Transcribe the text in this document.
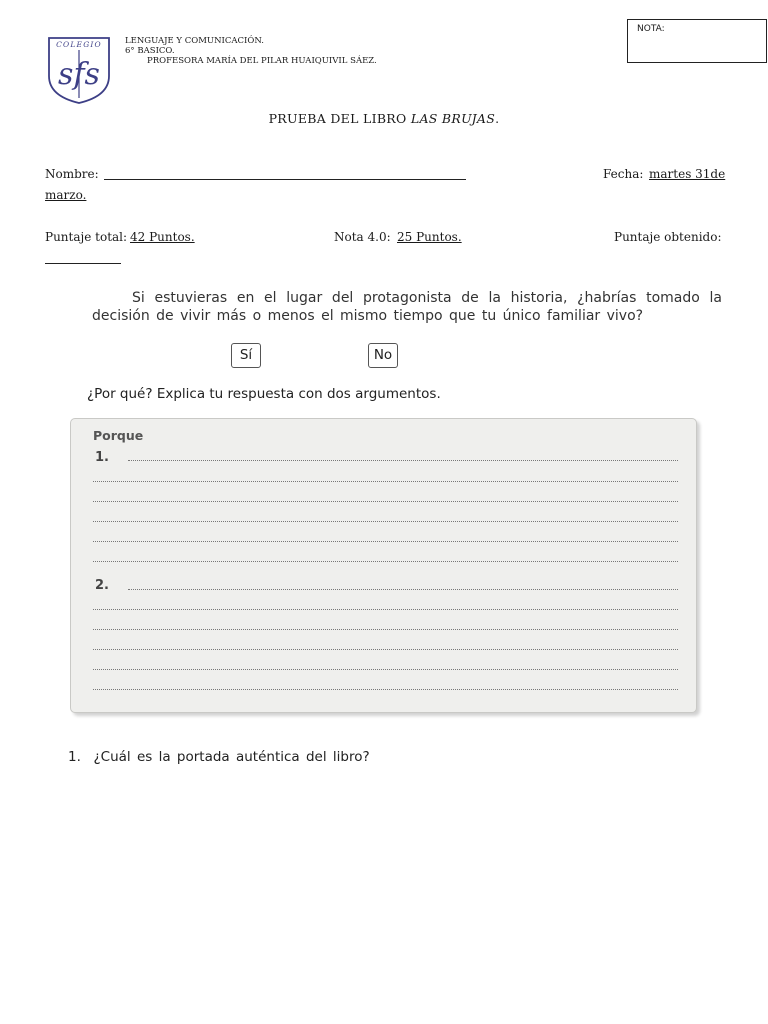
COLEGIO
sfs
LENGUAJE Y COMUNICACIÓN.
6° BASICO.
PROFESORA MARÍA DEL PILAR HUAIQUIVIL SÁEZ.
NOTA:
PRUEBA DEL LIBRO LAS BRUJAS.
Nombre:	Fecha: martes 31de
marzo.
Puntaje total: 42 Puntos.	Nota 4.0: 25 Puntos.	Puntaje obtenido:
Si estuvieras en el lugar del protagonista de la historia, ¿habrías tomado la decisión de vivir más o menos el mismo tiempo que tu único familiar vivo?
Sí	No
¿Por qué? Explica tu respuesta con dos argumentos.
Porque
1.
2.
1. ¿Cuál es la portada auténtica del libro?
